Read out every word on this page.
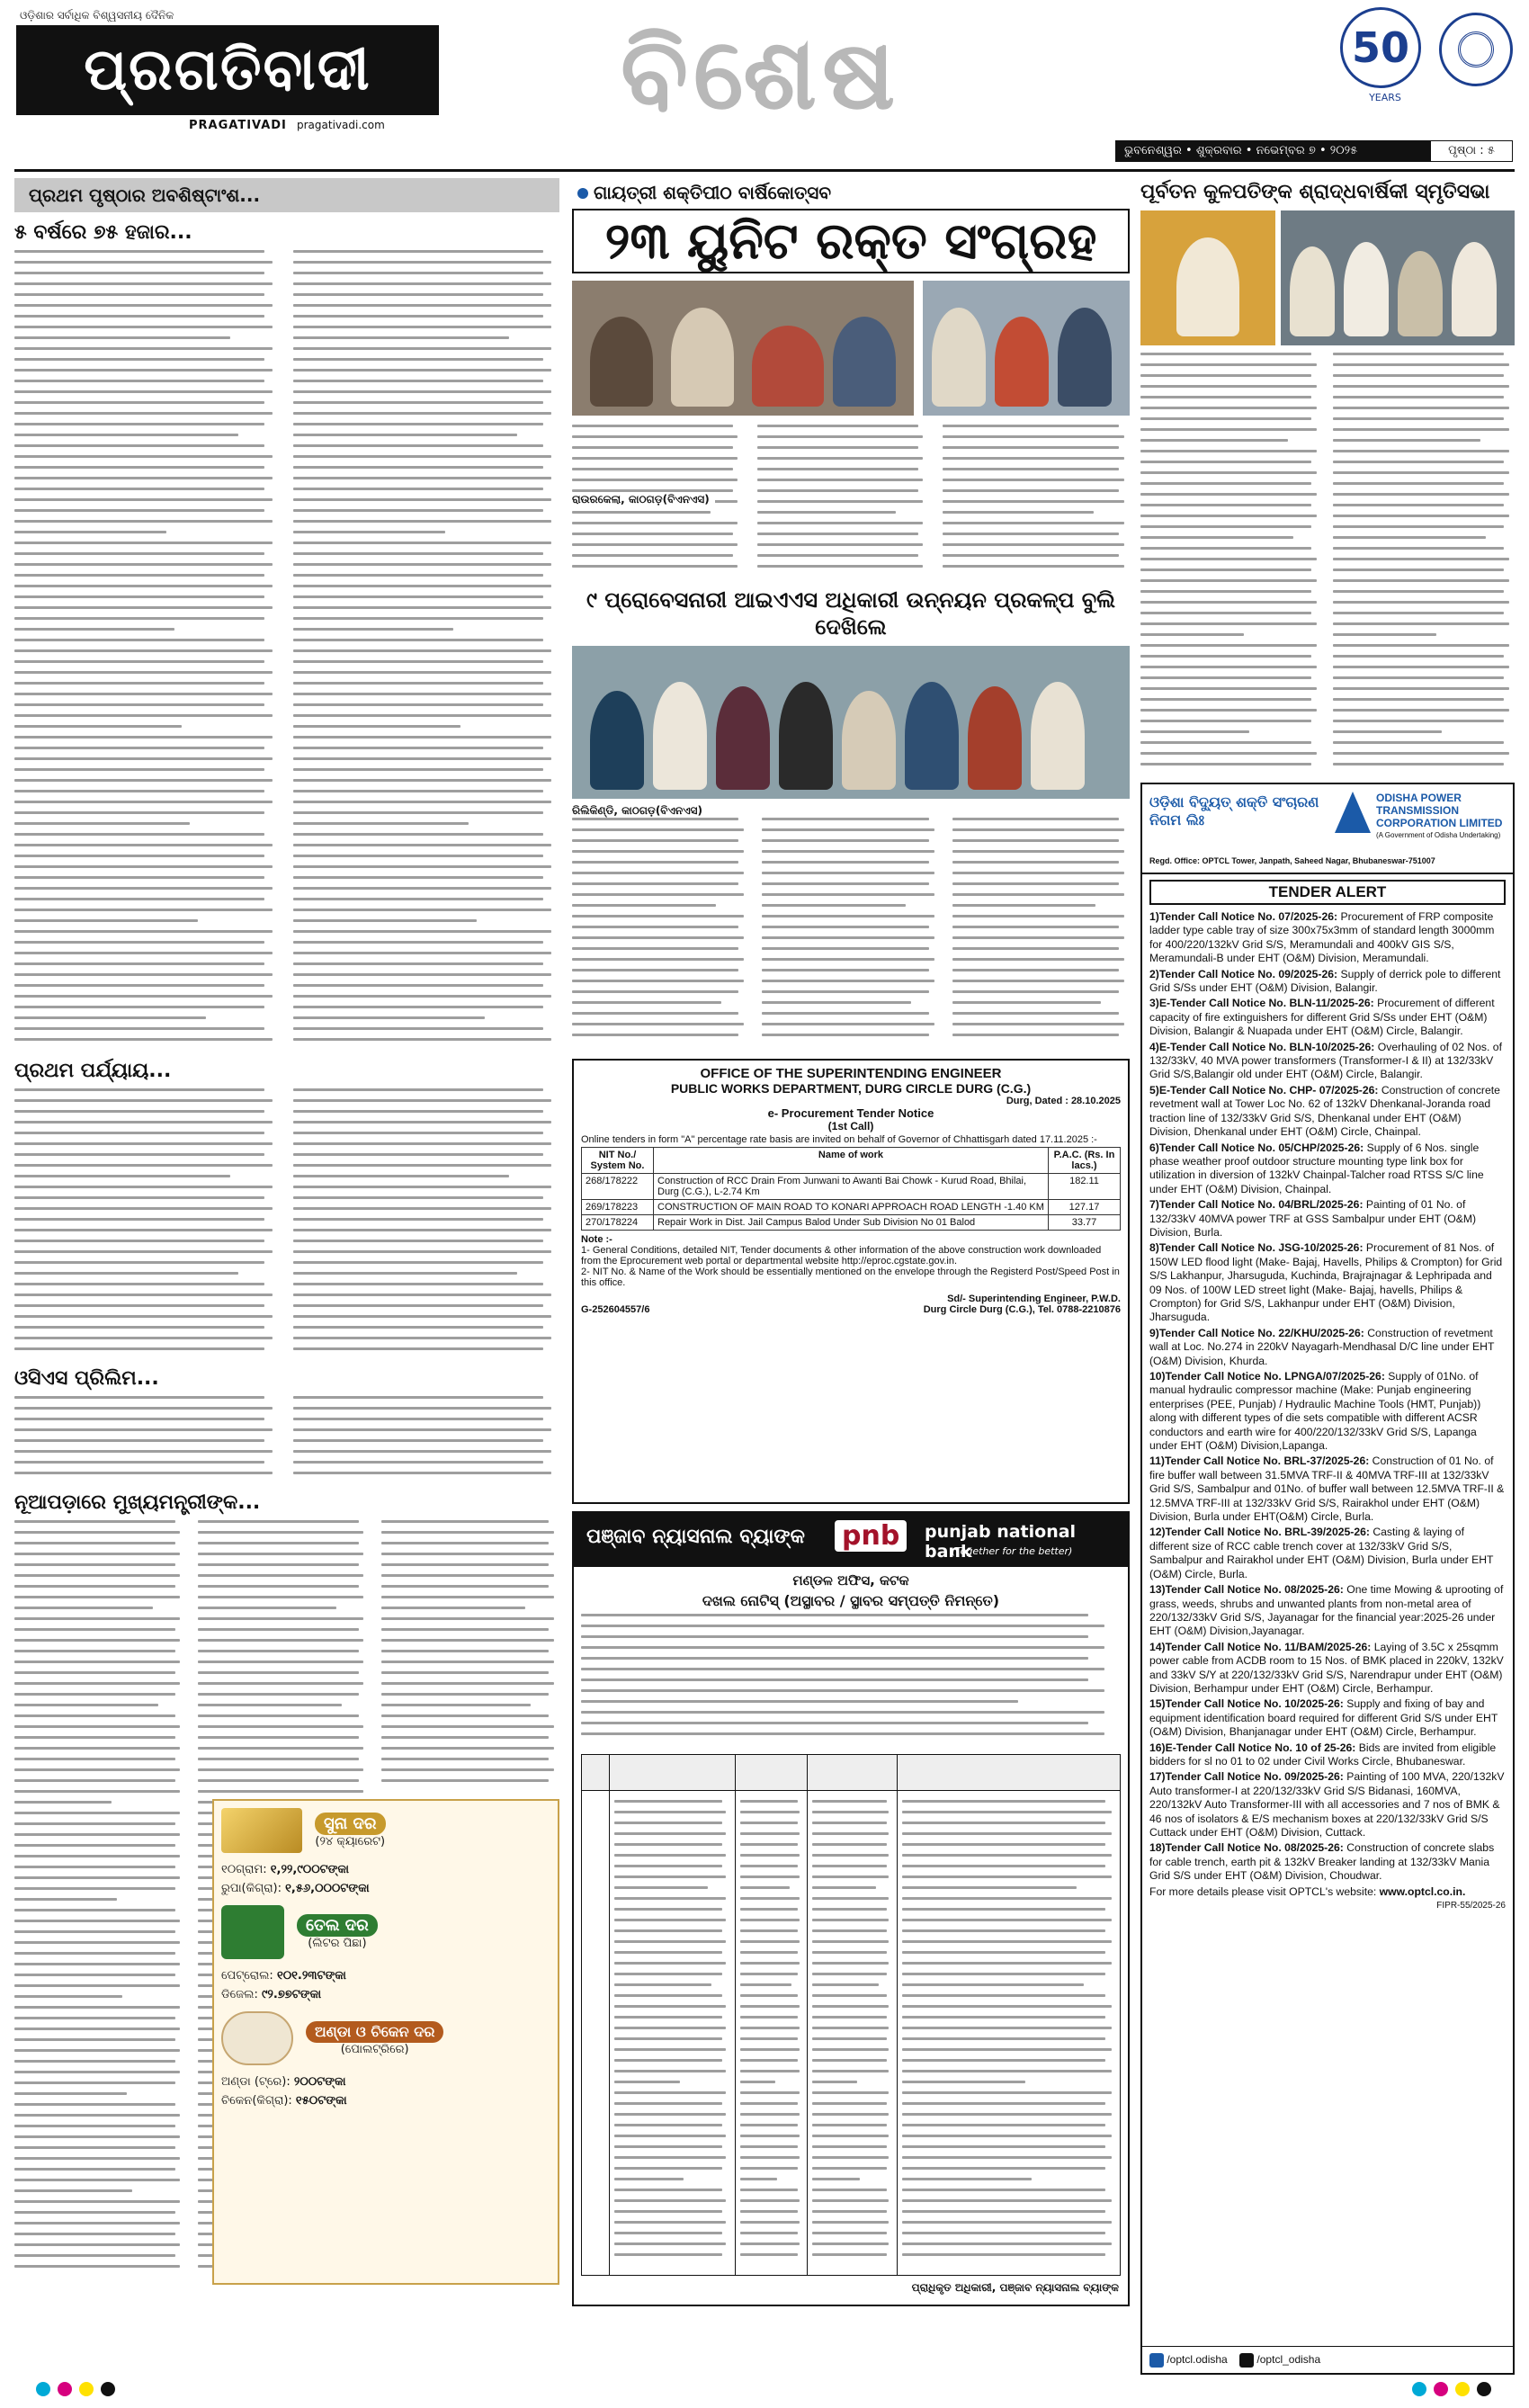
ଓଡ଼ିଶାର ସର୍ବାଧିକ ବିଶ୍ୱସନୀୟ ଦୈନିକ
ପ୍ରଗତିବାଦୀ
PRAGATIVADI pragativadi.com ବିଶେଷ	50
YEARS
ଭୁବନେଶ୍ୱର • ଶୁକ୍ରବାର • ନଭେମ୍ବର ୭ • ୨୦୨୫	ପୃଷ୍ଠା : ୫
ପ୍ରଥମ ପୃଷ୍ଠାର ଅବଶିଷ୍ଟାଂଶ...
୫ ବର୍ଷରେ ୭୫ ହଜାର...
ପ୍ରଥମ ପର୍ଯ୍ୟାୟ...
ଓସିଏସ ପ୍ରିଲିମ...
ନୂଆପଡ଼ାରେ ମୁଖ୍ୟମନ୍ତ୍ରୀଙ୍କ...
ସୁନା ଦର
(୨୪ କ୍ୟାରେଟ)
୧୦ଗ୍ରାମ: ୧,୨୨,୯୦୦ଟଙ୍କା
ରୁପା(କିଗ୍ରା): ୧,୫୬,୦୦୦ଟଙ୍କା
ତେଲ ଦର
(ଲିଟର ପିଛା)
ପେଟ୍ରୋଲ: ୧୦୧.୨୩ଟଙ୍କା
ଡିଜେଲ: ୯୨.୭୭ଟଙ୍କା
ଅଣ୍ଡା ଓ ଚିକେନ ଦର
(ପୋଲଟ୍ରିରେ)
ଅଣ୍ଡା (ଟ୍ରେ): ୨୦୦ଟଙ୍କା
ଚିକେନ(କିଗ୍ରା): ୧୫୦ଟଙ୍କା
ଗାୟତ୍ରୀ ଶକ୍ତିପୀଠ ବାର୍ଷିକୋତ୍ସବ
୨୩ ୟୁନିଟ ରକ୍ତ ସଂଗ୍ରହ
ରାଉରକେଲା, କାଠଗଡ଼(ବିଏନଏସ)
୯ ପ୍ରୋବେସନାରୀ ଆଇଏଏସ ଅଧିକାରୀ ଉନ୍ନୟନ ପ୍ରକଳ୍ପ ବୁଲି ଦେଖିଲେ
ରିଲିକିଣ୍ଡି, କାଠଗଡ଼(ବିଏନଏସ)
OFFICE OF THE SUPERINTENDING ENGINEER
PUBLIC WORKS DEPARTMENT, DURG CIRCLE DURG (C.G.)
Durg, Dated : 28.10.2025
e- Procurement Tender Notice
(1st Call)
Online tenders in form "A" percentage rate basis are invited on behalf of Governor of Chhattisgarh dated 17.11.2025 :-
NIT No./ System No.	Name of work	P.A.C. (Rs. In lacs.)
268/178222	Construction of RCC Drain From Junwani to Awanti Bai Chowk - Kurud Road, Bhilai, Durg (C.G.), L-2.74 Km	182.11
269/178223	CONSTRUCTION OF MAIN ROAD TO KONARI APPROACH ROAD LENGTH -1.40 KM	127.17
270/178224	Repair Work in Dist. Jail Campus Balod Under Sub Division No 01 Balod	33.77
Note :-
1- General Conditions, detailed NIT, Tender documents & other information of the above construction work downloaded from the Eprocurement web portal or departmental website http://eproc.cgstate.gov.in.
2- NIT No. & Name of the Work should be essentially mentioned on the envelope through the Registerd Post/Speed Post in this office.
Sd/- Superintending Engineer, P.W.D.
G-252604557/6	Durg Circle Durg (C.G.), Tel. 0788-2210876
ପଞ୍ଜାବ ନ୍ୟାସନାଲ ବ୍ୟାଙ୍କ pnb	punjab national bank
(Together for the better)
ମଣ୍ଡଳ ଅଫିସ, କଟକ
ଦଖଲ ନୋଟିସ୍ (ଅସ୍ଥାବର / ସ୍ଥାବର ସମ୍ପତ୍ତି ନିମନ୍ତେ)
ପ୍ରାଧିକୃତ ଅଧିକାରୀ, ପଞ୍ଜାବ ନ୍ୟାସନାଲ ବ୍ୟାଙ୍କ
ପୂର୍ବତନ କୁଳପତିଙ୍କ ଶ୍ରାଦ୍ଧବାର୍ଷିକୀ ସ୍ମୃତିସଭା
ଓଡ଼ିଶା ବିଦ୍ୟୁତ୍ ଶକ୍ତି ସଂଚାରଣ ନିଗମ ଲିଃ
ODISHA POWER TRANSMISSION CORPORATION LIMITED
(A Government of Odisha Undertaking)
Regd. Office: OPTCL Tower, Janpath, Saheed Nagar, Bhubaneswar-751007
TENDER ALERT
1)Tender Call Notice No. 07/2025-26: Procurement of FRP composite ladder type cable tray of size 300x75x3mm of standard length 3000mm for 400/220/132kV Grid S/S, Meramundali and 400kV GIS S/S, Meramundali-B under EHT (O&M) Division, Meramundali.
2)Tender Call Notice No. 09/2025-26: Supply of derrick pole to different Grid S/Ss under EHT (O&M) Division, Balangir.
3)E-Tender Call Notice No. BLN-11/2025-26: Procurement of different capacity of fire extinguishers for different Grid S/Ss under EHT (O&M) Division, Balangir & Nuapada under EHT (O&M) Circle, Balangir.
4)E-Tender Call Notice No. BLN-10/2025-26: Overhauling of 02 Nos. of 132/33kV, 40 MVA power transformers (Transformer-I & II) at 132/33kV Grid S/S,Balangir old under EHT (O&M) Circle, Balangir.
5)E-Tender Call Notice No. CHP- 07/2025-26: Construction of concrete revetment wall at Tower Loc No. 62 of 132kV Dhenkanal-Joranda road traction line of 132/33kV Grid S/S, Dhenkanal under EHT (O&M) Division, Dhenkanal under EHT (O&M) Circle, Chainpal.
6)Tender Call Notice No. 05/CHP/2025-26: Supply of 6 Nos. single phase weather proof outdoor structure mounting type link box for utilization in diversion of 132kV Chainpal-Talcher road RTSS S/C line under EHT (O&M) Division, Chainpal.
7)Tender Call Notice No. 04/BRL/2025-26: Painting of 01 No. of 132/33kV 40MVA power TRF at GSS Sambalpur under EHT (O&M) Division, Burla.
8)Tender Call Notice No. JSG-10/2025-26: Procurement of 81 Nos. of 150W LED flood light (Make- Bajaj, Havells, Philips & Crompton) for Grid S/S Lakhanpur, Jharsuguda, Kuchinda, Brajrajnagar & Lephripada and 09 Nos. of 100W LED street light (Make- Bajaj, havells, Philips & Crompton) for Grid S/S, Lakhanpur under EHT (O&M) Division, Jharsuguda.
9)Tender Call Notice No. 22/KHU/2025-26: Construction of revetment wall at Loc. No.274 in 220kV Nayagarh-Mendhasal D/C line under EHT (O&M) Division, Khurda.
10)Tender Call Notice No. LPNGA/07/2025-26: Supply of 01No. of manual hydraulic compressor machine (Make: Punjab engineering enterprises (PEE, Punjab) / Hydraulic Machine Tools (HMT, Punjab)) along with different types of die sets compatible with different ACSR conductors and earth wire for 400/220/132/33kV Grid S/S, Lapanga under EHT (O&M) Division,Lapanga.
11)Tender Call Notice No. BRL-37/2025-26: Construction of 01 No. of fire buffer wall between 31.5MVA TRF-II & 40MVA TRF-III at 132/33kV Grid S/S, Sambalpur and 01No. of buffer wall between 12.5MVA TRF-II & 12.5MVA TRF-III at 132/33kV Grid S/S, Rairakhol under EHT (O&M) Division, Burla under EHT(O&M) Circle, Burla.
12)Tender Call Notice No. BRL-39/2025-26: Casting & laying of different size of RCC cable trench cover at 132/33kV Grid S/S, Sambalpur and Rairakhol under EHT (O&M) Division, Burla under EHT (O&M) Circle, Burla.
13)Tender Call Notice No. 08/2025-26: One time Mowing & uprooting of grass, weeds, shrubs and unwanted plants from non-metal area of 220/132/33kV Grid S/S, Jayanagar for the financial year:2025-26 under EHT (O&M) Division,Jayanagar.
14)Tender Call Notice No. 11/BAM/2025-26: Laying of 3.5C x 25sqmm power cable from ACDB room to 15 Nos. of BMK placed in 220kV, 132kV and 33kV S/Y at 220/132/33kV Grid S/S, Narendrapur under EHT (O&M) Division, Berhampur under EHT (O&M) Circle, Berhampur.
15)Tender Call Notice No. 10/2025-26: Supply and fixing of bay and equipment identification board required for different Grid S/S under EHT (O&M) Division, Bhanjanagar under EHT (O&M) Circle, Berhampur.
16)E-Tender Call Notice No. 10 of 25-26: Bids are invited from eligible bidders for sl no 01 to 02 under Civil Works Circle, Bhubaneswar.
17)Tender Call Notice No. 09/2025-26: Painting of 100 MVA, 220/132kV Auto transformer-I at 220/132/33kV Grid S/S Bidanasi, 160MVA, 220/132kV Auto Transformer-III with all accessories and 7 nos of BMK & 46 nos of isolators & E/S mechanism boxes at 220/132/33kV Grid S/S Cuttack under EHT (O&M) Division, Cuttack.
18)Tender Call Notice No. 08/2025-26: Construction of concrete slabs for cable trench, earth pit & 132kV Breaker landing at 132/33kV Mania Grid S/S under EHT (O&M) Division, Choudwar.
For more details please visit OPTCL's website: www.optcl.co.in.
FIPR-55/2025-26
/optcl.odisha	/optcl_odisha
